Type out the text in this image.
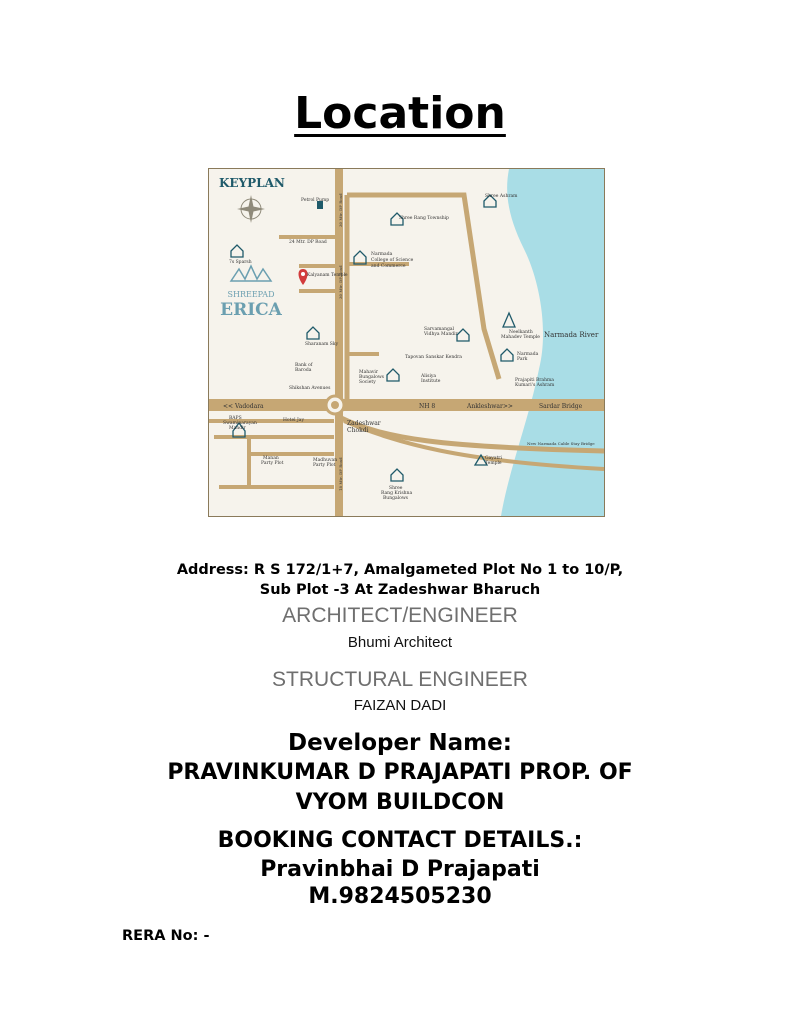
Location
KEYPLAN
SHREEPAD
ERICA
Petrol Pump
24 Mtr. DP Road
7s Sparsh
Kalyanam Temple
Shree Rang Township
Narmada
College of Science
and Commerce
Shree Ashram
Sharanam Sky
Bank of
Baroda
Shikshan Avenues
Mahavir
Bungalows
Society
Sarvamangal
Vidhya Mandir
Tapovan Sanskar Kendra
Alisiya
Institute
Neelkanth
Mahadev Temple
Narmada
Park
Prajapiti Brahma
Kumari's Ashram
Zadeshwar
Chokdi
BAPS
Swaminarayan
Mandir
Hotel Jay
Manan
Party Plot
Madhuvan
Party Plot
Gayatri
Temple
Shree
Rang Krishna
Bungalows
<< Vadodara	NH 8	Ankleshwar>>	Sardar Bridge
New Narmada Cable Stay Bridge
Narmada River
30 Mtr. DP Road
30 Mtr. DP Road
18 Mtr. DP Road
Address: R S 172/1+7, Amalgameted Plot No 1 to 10/P,
Sub Plot -3 At Zadeshwar Bharuch
ARCHITECT/ENGINEER
Bhumi Architect
STRUCTURAL ENGINEER
FAIZAN DADI
Developer Name:
PRAVINKUMAR D PRAJAPATI PROP. OF
VYOM BUILDCON
BOOKING CONTACT DETAILS.:
Pravinbhai D Prajapati
M.9824505230
RERA No: -
